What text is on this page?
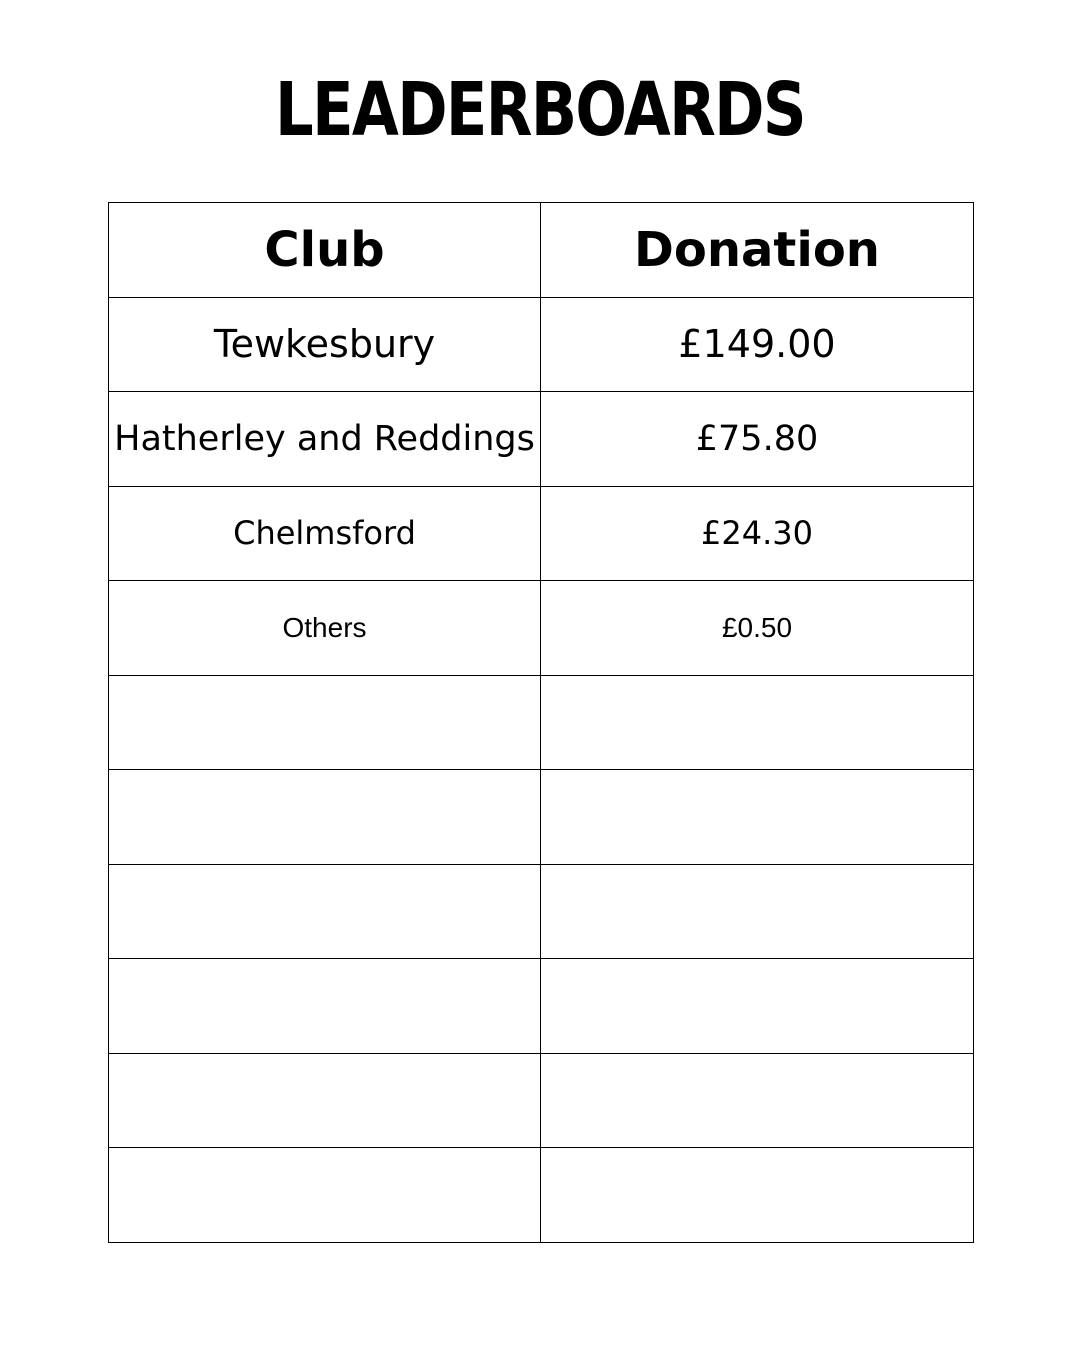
LEADERBOARDS
Club	Donation
Tewkesbury	£149.00
Hatherley and Reddings	£75.80
Chelmsford	£24.30
Others	£0.50
